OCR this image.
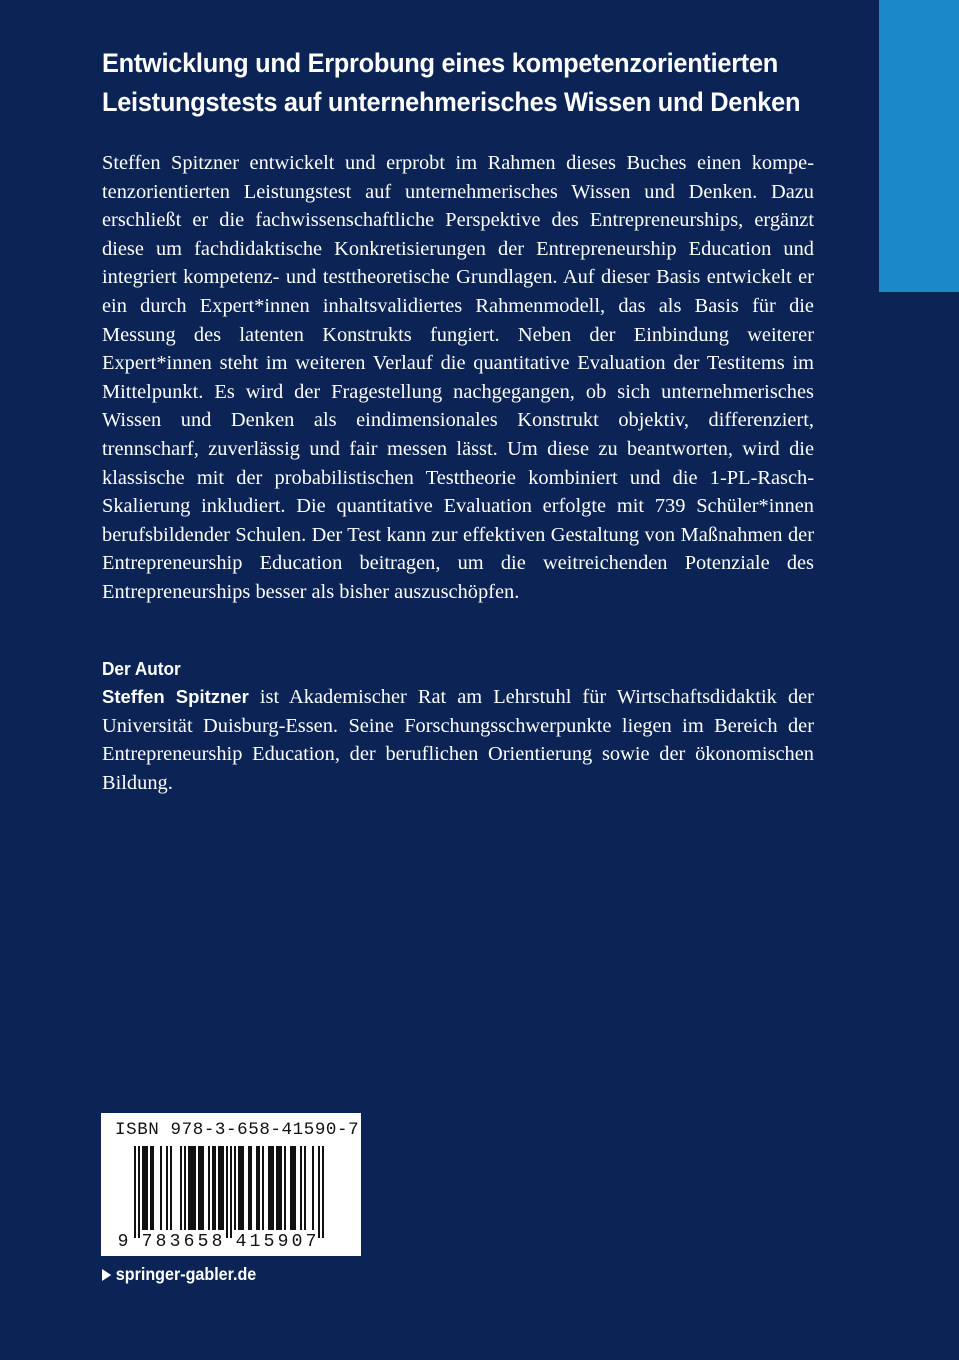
Entwicklung und Erprobung eines kompetenzorientierten
Leistungstests auf unternehmerisches Wissen und Denken

Steffen Spitzner entwickelt und erprobt im Rahmen dieses Buches einen kompetenzorientierten Leistungstest auf unternehmerisches Wissen und Denken. Dazu erschließt er die fachwissenschaftliche Perspektive des Entrepreneurships, ergänzt diese um fachdidaktische Konkretisierungen der Entrepreneurship Education und integriert kompetenz- und testtheoretische Grundlagen. Auf dieser Basis entwickelt er ein durch Expert*innen inhaltsvalidiertes Rahmenmodell, das als Basis für die Messung des latenten Konstrukts fungiert. Neben der Einbindung weiterer Expert*innen steht im weiteren Verlauf die quantitative Evaluation der Testitems im Mittelpunkt. Es wird der Fragestellung nachgegangen, ob sich unternehmerisches Wissen und Denken als eindimensionales Konstrukt objektiv, differenziert, trennscharf, zuverlässig und fair messen lässt. Um diese zu beantworten, wird die klassische mit der probabilistischen Testtheorie kombiniert und die 1-PL-Rasch-Skalierung inkludiert. Die quantitative Evaluation erfolgte mit 739 Schüler*innen berufsbildender Schulen. Der Test kann zur effektiven Gestaltung von Maßnahmen der Entrepreneurship Education beitragen, um die weitreichenden Potenziale des Entrepreneurships besser als bisher auszuschöpfen.

Der Autor

Steffen Spitzner ist Akademischer Rat am Lehrstuhl für Wirtschaftsdidaktik der Universität Duisburg-Essen. Seine Forschungsschwerpunkte liegen im Bereich der Entrepreneurship Education, der beruflichen Orientierung sowie der ökonomischen Bildung.

ISBN 978-3-658-41590-7

9 7 8 3 6 5 8 4 1 5 9 0 7

springer-gabler.de
